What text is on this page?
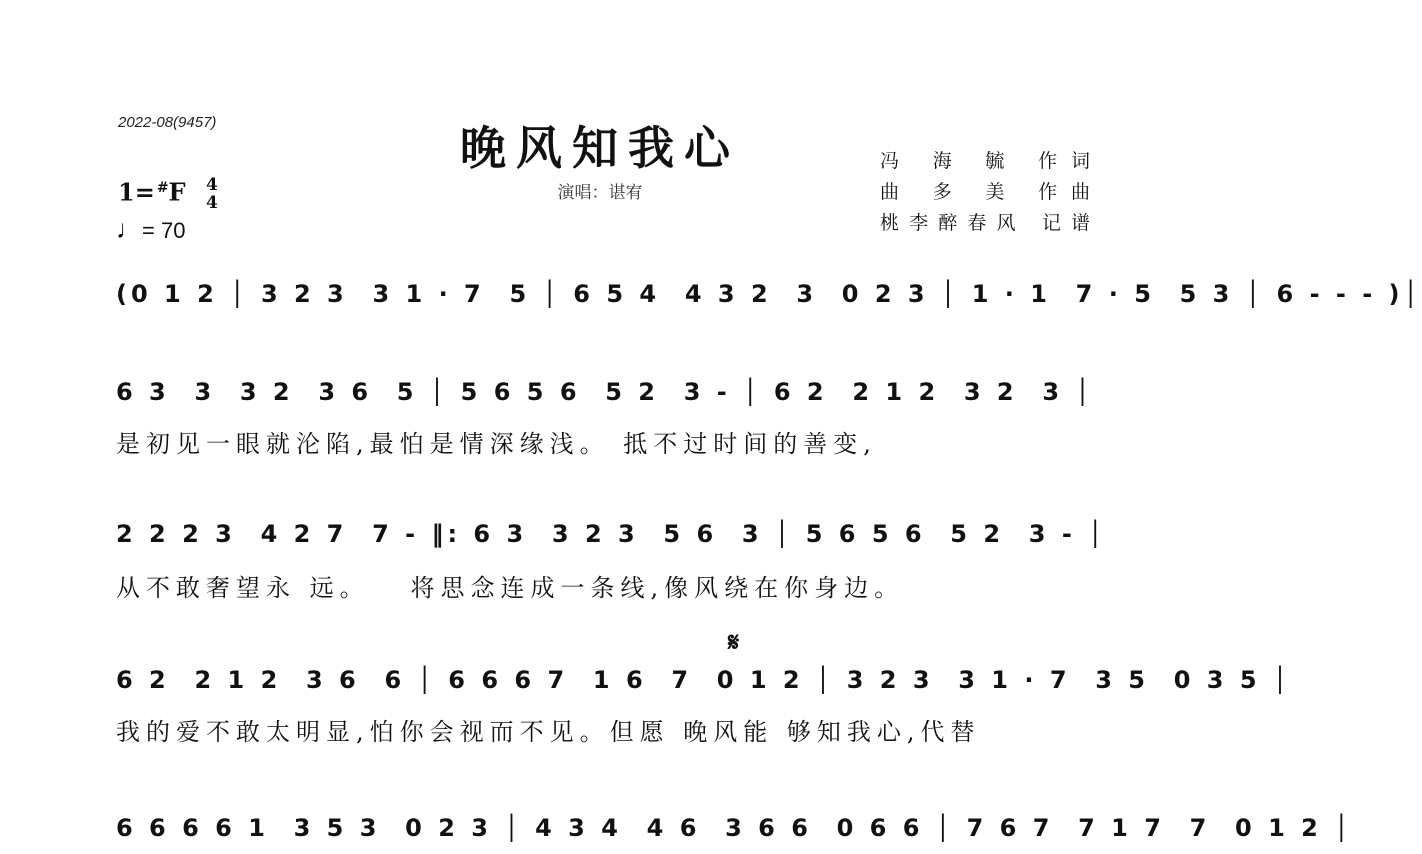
2022-08(9457)	晚风知我心
演唱：谌宥
冯 海 毓 作词
曲 多 美 作曲
桃李醉春风 记谱
1= #F 4
4
♩= 70
(0 1 2 │ 3 2 3  3 1 · 7  5 │ 6 5 4  4 3 2  3  0 2 3 │ 1 · 1  7 · 5  5 3 │ 6 - - - )│
6 3  3  3 2  3 6  5 │ 5 6 5 6  5 2  3 - │ 6 2  2 1 2  3 2  3 │
是初见一眼就沦陷,最怕是情深缘浅。 抵不过时间的善变,
2 2 2 3  4 2 7  7 - ‖: 6 3  3 2 3  5 6  3 │ 5 6 5 6  5 2  3 - │
从不敢奢望永 远。   将思念连成一条线,像风绕在你身边。
𝄋
6 2  2 1 2  3 6  6 │ 6 6 6 7  1 6  7  0 1 2 │ 3 2 3  3 1 · 7  3 5  0 3 5 │
我的爱不敢太明显,怕你会视而不见。但愿 晚风能 够知我心,代替
6 6 6 6 1  3 5 3  0 2 3 │ 4 3 4  4 6  3 6 6  0 6 6 │ 7 6 7  7 1 7  7  0 1 2 │
